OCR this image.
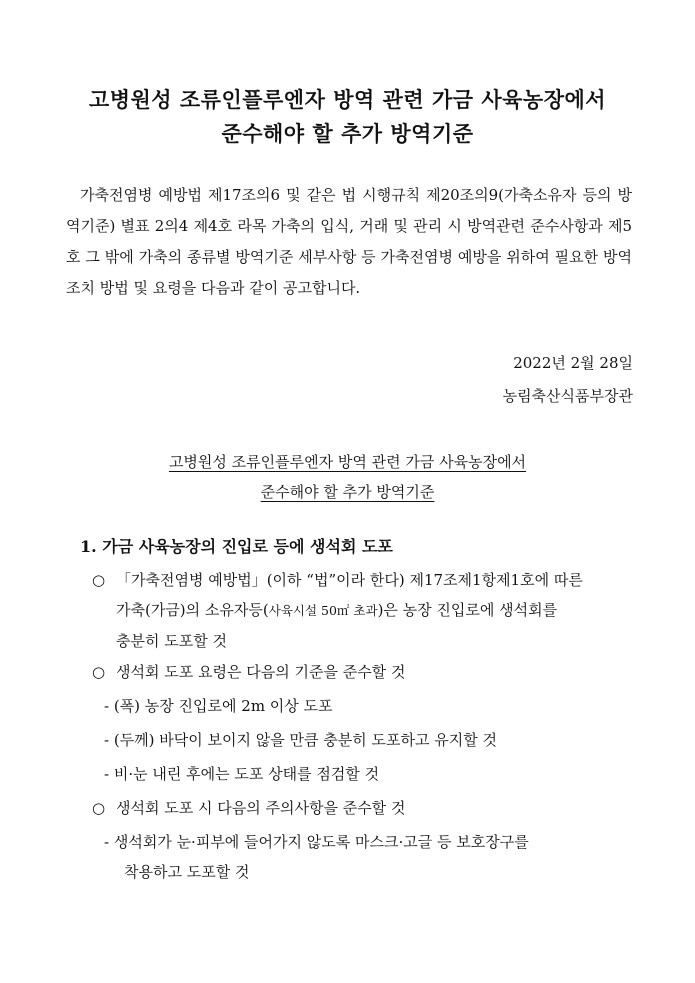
고병원성 조류인플루엔자 방역 관련 가금 사육농장에서
준수해야 할 추가 방역기준
가축전염병 예방법 제17조의6 및 같은 법 시행규칙 제20조의9(가축소유자 등의 방역기준) 별표 2의4 제4호 라목 가축의 입식, 거래 및 관리 시 방역관련 준수사항과 제5호 그 밖에 가축의 종류별 방역기준 세부사항 등 가축전염병 예방을 위하여 필요한 방역조치 방법 및 요령을 다음과 같이 공고합니다.
2022년 2월 28일
농림축산식품부장관
고병원성 조류인플루엔자 방역 관련 가금 사육농장에서
준수해야 할 추가 방역기준
1. 가금 사육농장의 진입로 등에 생석회 도포
○ 「가축전염병 예방법」(이하 “법”이라 한다) 제17조제1항제1호에 따른
가축(가금)의 소유자등(사육시설 50㎡ 초과)은 농장 진입로에 생석회를
충분히 도포할 것
○ 생석회 도포 요령은 다음의 기준을 준수할 것
- (폭) 농장 진입로에 2m 이상 도포
- (두께) 바닥이 보이지 않을 만큼 충분히 도포하고 유지할 것
- 비·눈 내린 후에는 도포 상태를 점검할 것
○ 생석회 도포 시 다음의 주의사항을 준수할 것
- 생석회가 눈·피부에 들어가지 않도록 마스크·고글 등 보호장구를
착용하고 도포할 것
